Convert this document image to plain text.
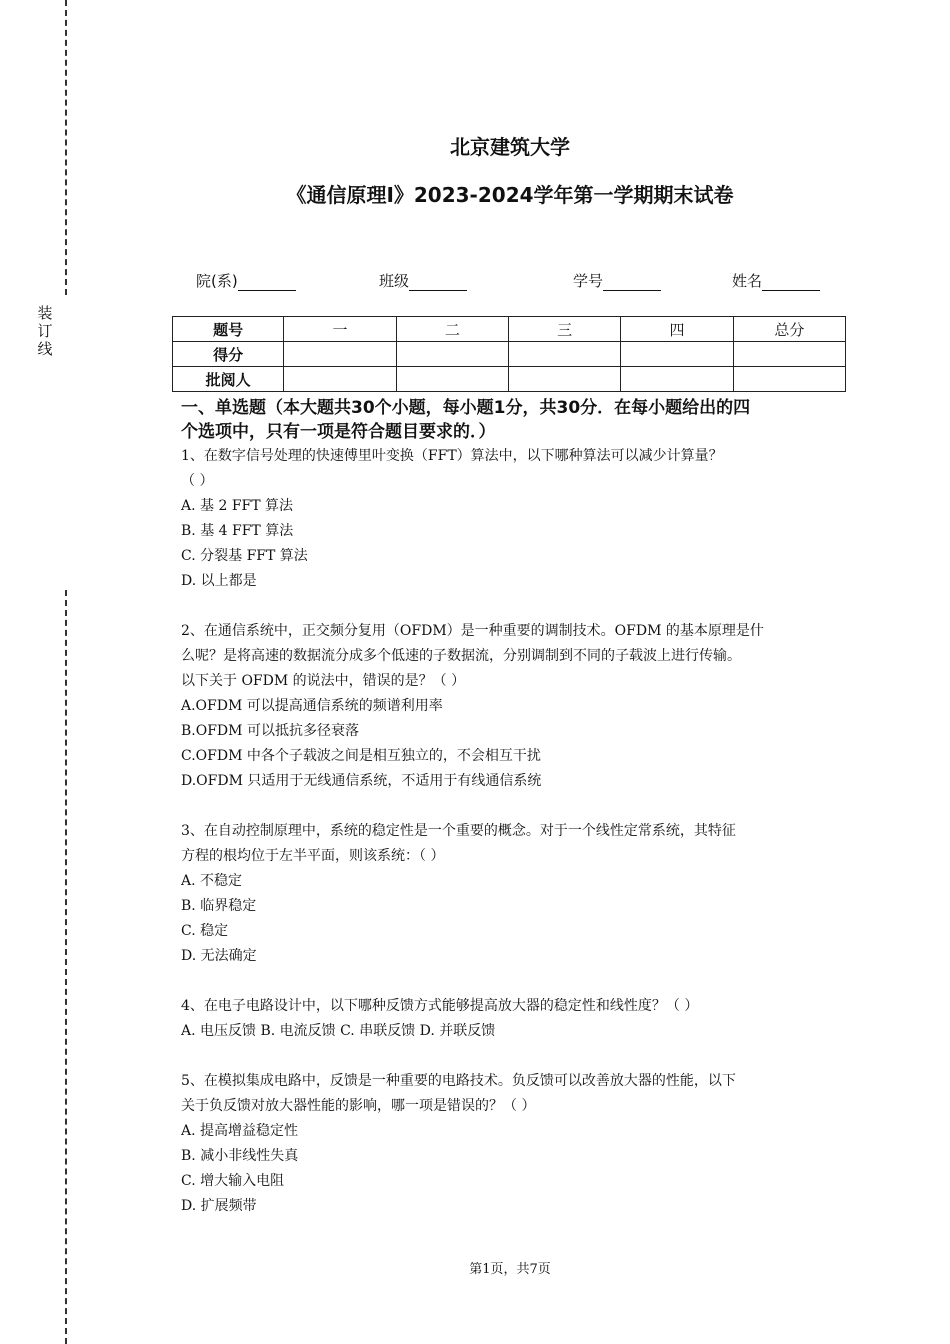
装订线
北京建筑大学
《通信原理Ⅰ》2023-2024学年第一学期期末试卷
院(系)	班级	学号	姓名
题号	一	二	三	四	总分
得分					
批阅人					

一、单选题（本大题共30个小题，每小题1分，共30分．在每小题给出的四

个选项中，只有一项是符合题目要求的．）

1、在数字信号处理的快速傅里叶变换（FFT）算法中，以下哪种算法可以减少计算量？

（ ）

A. 基 2 FFT 算法

B. 基 4 FFT 算法

C. 分裂基 FFT 算法

D. 以上都是

2、在通信系统中，正交频分复用（OFDM）是一种重要的调制技术。OFDM 的基本原理是什

么呢？是将高速的数据流分成多个低速的子数据流，分别调制到不同的子载波上进行传输。

以下关于 OFDM 的说法中，错误的是？（ ）

A.OFDM 可以提高通信系统的频谱利用率

B.OFDM 可以抵抗多径衰落

C.OFDM 中各个子载波之间是相互独立的，不会相互干扰

D.OFDM 只适用于无线通信系统，不适用于有线通信系统

3、在自动控制原理中，系统的稳定性是一个重要的概念。对于一个线性定常系统，其特征

方程的根均位于左半平面，则该系统：（ ）

A. 不稳定

B. 临界稳定

C. 稳定

D. 无法确定

4、在电子电路设计中，以下哪种反馈方式能够提高放大器的稳定性和线性度？（ ）

A. 电压反馈 B. 电流反馈 C. 串联反馈 D. 并联反馈

5、在模拟集成电路中，反馈是一种重要的电路技术。负反馈可以改善放大器的性能，以下

关于负反馈对放大器性能的影响，哪一项是错误的？（ ）

A. 提高增益稳定性

B. 减小非线性失真

C. 增大输入电阻

D. 扩展频带

第1页，共7页
